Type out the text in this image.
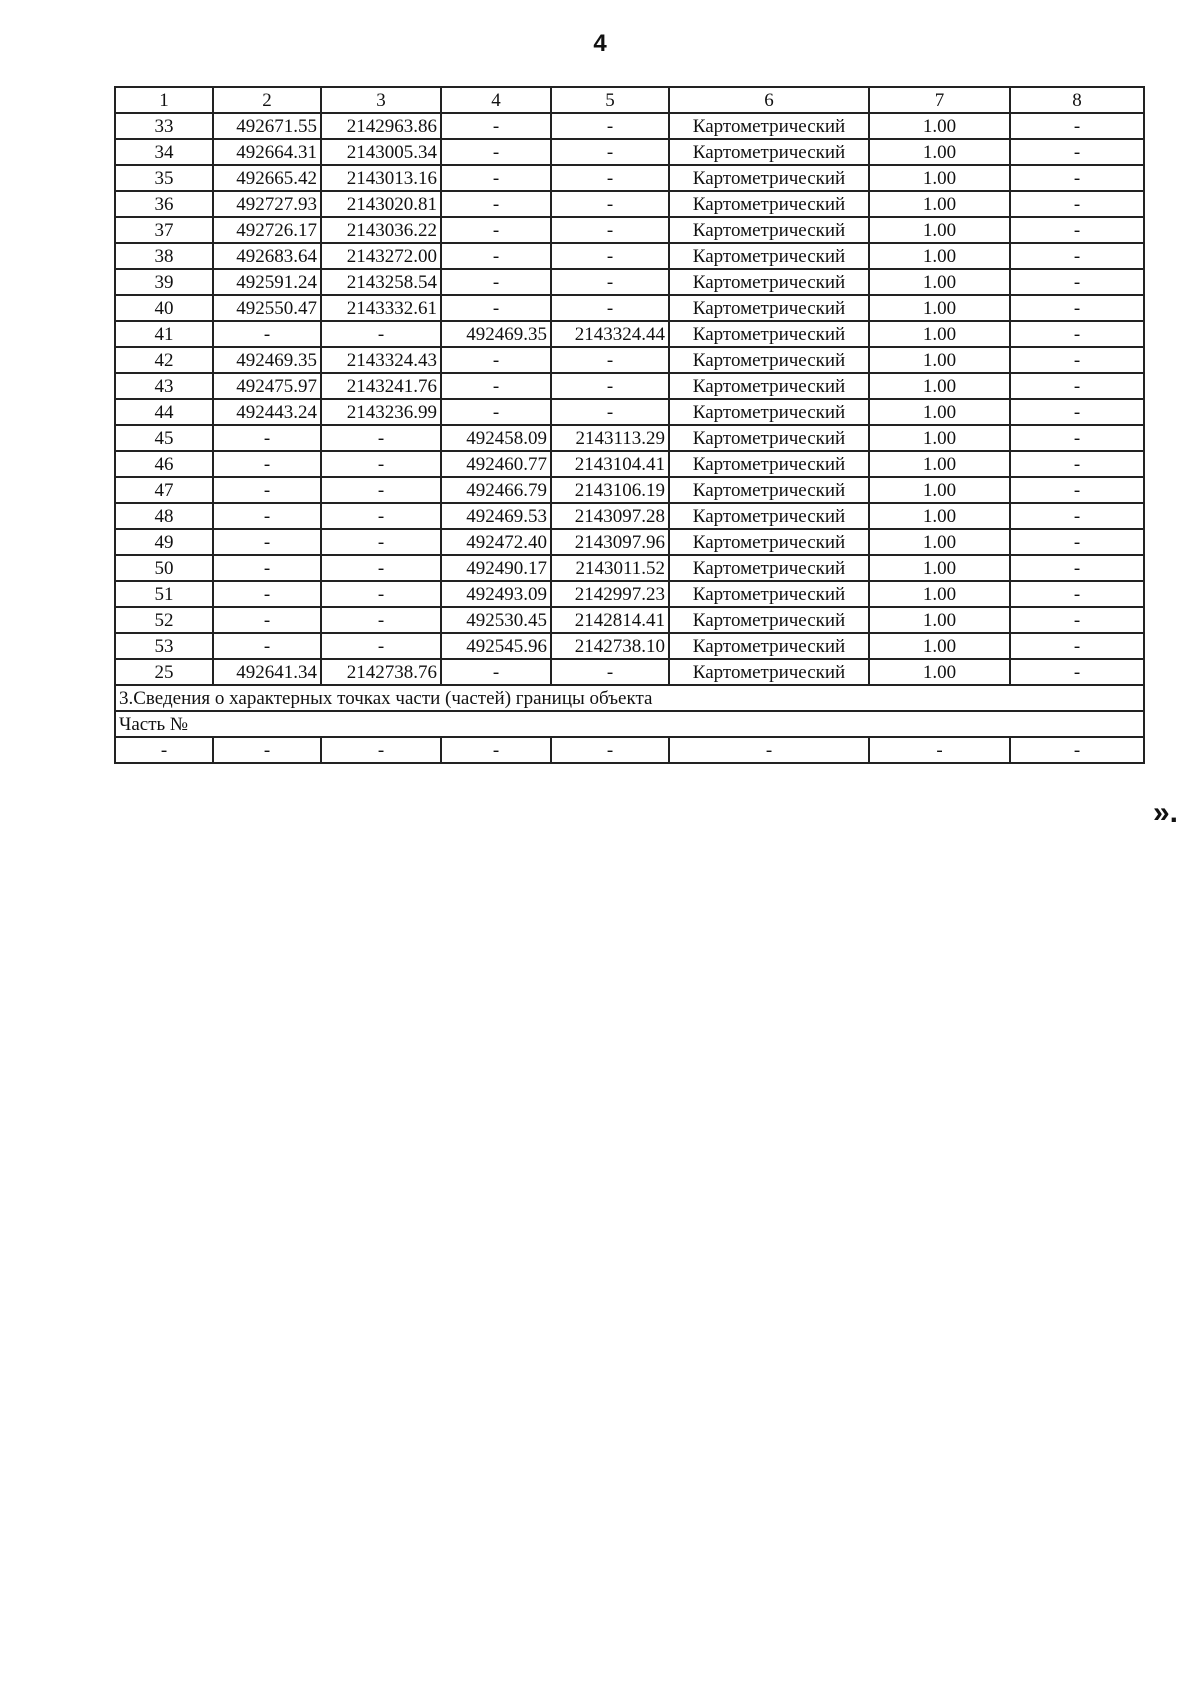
4
1	2	3	4	5	6	7	8
33	492671.55	2142963.86	-	-	Картометрический	1.00	-
34	492664.31	2143005.34	-	-	Картометрический	1.00	-
35	492665.42	2143013.16	-	-	Картометрический	1.00	-
36	492727.93	2143020.81	-	-	Картометрический	1.00	-
37	492726.17	2143036.22	-	-	Картометрический	1.00	-
38	492683.64	2143272.00	-	-	Картометрический	1.00	-
39	492591.24	2143258.54	-	-	Картометрический	1.00	-
40	492550.47	2143332.61	-	-	Картометрический	1.00	-
41	-	-	492469.35	2143324.44	Картометрический	1.00	-
42	492469.35	2143324.43	-	-	Картометрический	1.00	-
43	492475.97	2143241.76	-	-	Картометрический	1.00	-
44	492443.24	2143236.99	-	-	Картометрический	1.00	-
45	-	-	492458.09	2143113.29	Картометрический	1.00	-
46	-	-	492460.77	2143104.41	Картометрический	1.00	-
47	-	-	492466.79	2143106.19	Картометрический	1.00	-
48	-	-	492469.53	2143097.28	Картометрический	1.00	-
49	-	-	492472.40	2143097.96	Картометрический	1.00	-
50	-	-	492490.17	2143011.52	Картометрический	1.00	-
51	-	-	492493.09	2142997.23	Картометрический	1.00	-
52	-	-	492530.45	2142814.41	Картометрический	1.00	-
53	-	-	492545.96	2142738.10	Картометрический	1.00	-
25	492641.34	2142738.76	-	-	Картометрический	1.00	-
3.Сведения о характерных точках части (частей) границы объекта							
Часть №							
-	-	-	-	-	-	-	-
».
